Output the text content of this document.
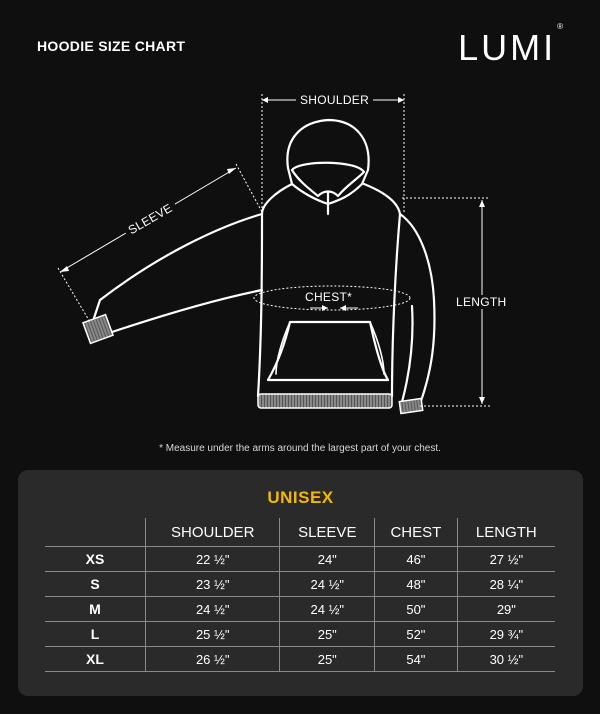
HOODIE SIZE CHART	LUMI®
SHOULDER
SLEEVE
CHEST*	LENGTH
* Measure under the arms around the largest part of your chest.
UNISEX
	SHOULDER	SLEEVE	CHEST	LENGTH
XS	22 ½"	24"	46"	27 ½"
S	23 ½"	24 ½"	48"	28 ¼"
M	24 ½"	24 ½"	50"	29"
L	25 ½"	25"	52"	29 ¾"
XL	26 ½"	25"	54"	30 ½"
